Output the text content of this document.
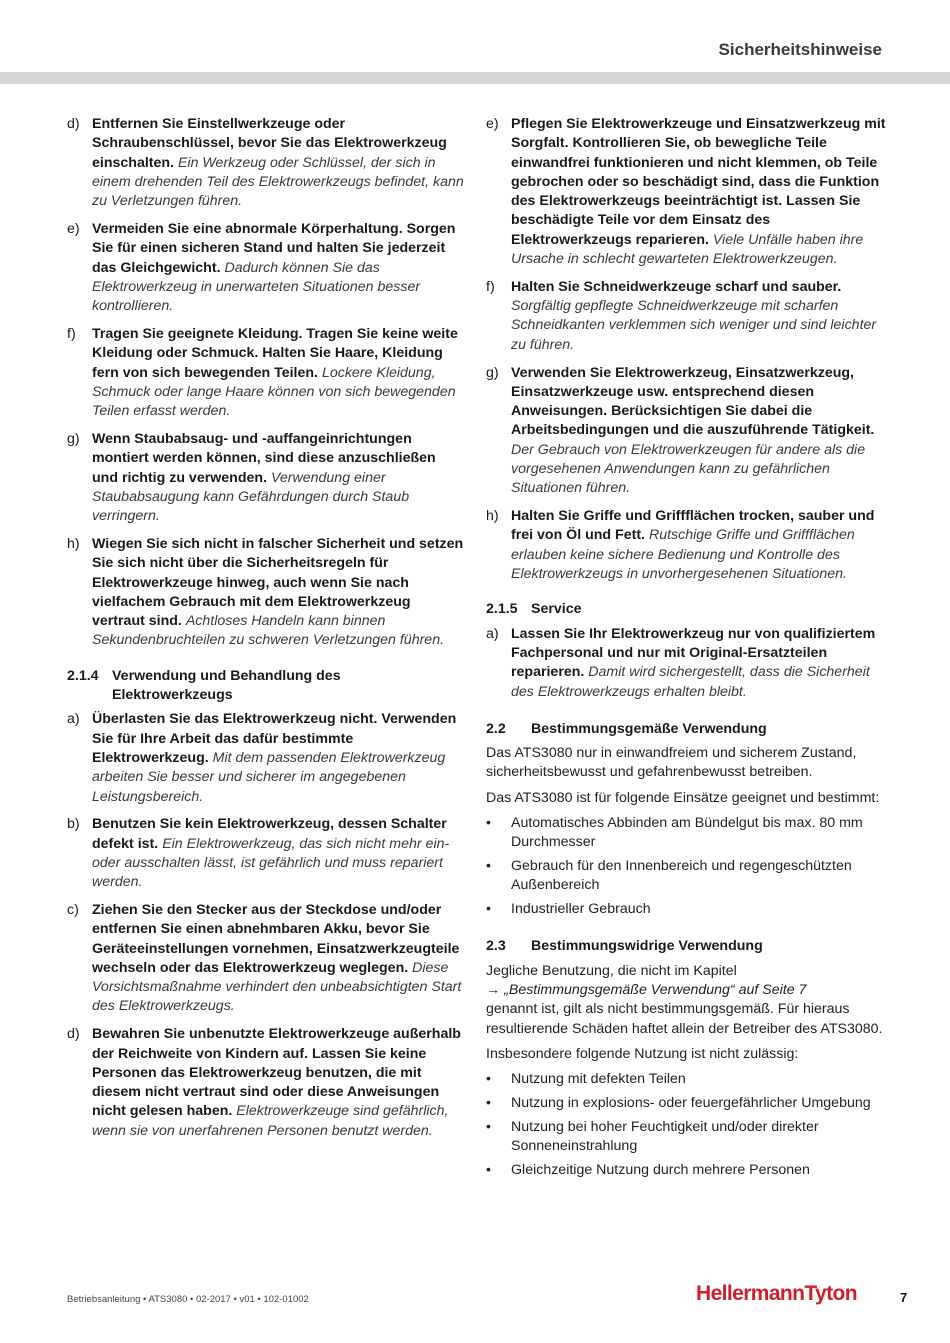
Sicherheitshinweise
d) Entfernen Sie Einstellwerkzeuge oder Schraubenschlüssel, bevor Sie das Elektrowerkzeug einschalten. Ein Werkzeug oder Schlüssel, der sich in einem drehenden Teil des Elektrowerkzeugs befindet, kann zu Verletzungen führen.
e) Vermeiden Sie eine abnormale Körperhaltung. Sorgen Sie für einen sicheren Stand und halten Sie jederzeit das Gleichgewicht. Dadurch können Sie das Elektrowerkzeug in unerwarteten Situationen besser kontrollieren.
f)	Tragen Sie geeignete Kleidung. Tragen Sie keine weite Kleidung oder Schmuck. Halten Sie Haare, Kleidung fern von sich bewegenden Teilen. Lockere Kleidung, Schmuck oder lange Haare können von sich bewegenden Teilen erfasst werden.
g) Wenn Staubabsaug- und -auffangeinrichtungen montiert werden können, sind diese anzuschließen und richtig zu verwenden. Verwendung einer Staubabsaugung kann Gefährdungen durch Staub verringern.
h) Wiegen Sie sich nicht in falscher Sicherheit und setzen Sie sich nicht über die Sicherheitsregeln für Elektrowerkzeuge hinweg, auch wenn Sie nach vielfachem Gebrauch mit dem Elektrowerkzeug vertraut sind. Achtloses Handeln kann binnen Sekundenbruchteilen zu schweren Verletzungen führen.
2.1.4 Verwendung und Behandlung des Elektrowerkzeugs
a) Überlasten Sie das Elektrowerkzeug nicht. Verwenden Sie für Ihre Arbeit das dafür bestimmte Elektrowerkzeug. Mit dem passenden Elektrowerkzeug arbeiten Sie besser und sicherer im angegebenen Leistungsbereich.
b) Benutzen Sie kein Elektrowerkzeug, dessen Schalter defekt ist. Ein Elektrowerkzeug, das sich nicht mehr ein- oder ausschalten lässt, ist gefährlich und muss repariert werden.
c) Ziehen Sie den Stecker aus der Steckdose und/oder entfernen Sie einen abnehmbaren Akku, bevor Sie Geräteeinstellungen vornehmen, Einsatzwerkzeugteile wechseln oder das Elektrowerkzeug weglegen. Diese Vorsichtsmaßnahme verhindert den unbeabsichtigten Start des Elektrowerkzeugs.
d) Bewahren Sie unbenutzte Elektrowerkzeuge außerhalb der Reichweite von Kindern auf. Lassen Sie keine Personen das Elektrowerkzeug benutzen, die mit diesem nicht vertraut sind oder diese Anweisungen nicht gelesen haben. Elektrowerkzeuge sind gefährlich, wenn sie von unerfahrenen Personen benutzt werden.
e) Pflegen Sie Elektrowerkzeuge und Einsatzwerkzeug mit Sorgfalt. Kontrollieren Sie, ob bewegliche Teile einwandfrei funktionieren und nicht klemmen, ob Teile gebrochen oder so beschädigt sind, dass die Funktion des Elektrowerkzeugs beeinträchtigt ist. Lassen Sie beschädigte Teile vor dem Einsatz des Elektrowerkzeugs reparieren. Viele Unfälle haben ihre Ursache in schlecht gewarteten Elektrowerkzeugen.
f)	Halten Sie Schneidwerkzeuge scharf und sauber. Sorgfältig gepflegte Schneidwerkzeuge mit scharfen Schneidkanten verklemmen sich weniger und sind leichter zu führen.
g) Verwenden Sie Elektrowerkzeug, Einsatzwerkzeug, Einsatzwerkzeuge usw. entsprechend diesen Anweisungen. Berücksichtigen Sie dabei die Arbeitsbedingungen und die auszuführende Tätigkeit. Der Gebrauch von Elektrowerkzeugen für andere als die vorgesehenen Anwendungen kann zu gefährlichen Situationen führen.
h) Halten Sie Griffe und Griffflächen trocken, sauber und frei von Öl und Fett. Rutschige Griffe und Griffflächen erlauben keine sichere Bedienung und Kontrolle des Elektrowerkzeugs in unvorhergesehenen Situationen.
2.1.5 Service
a) Lassen Sie Ihr Elektrowerkzeug nur von qualifiziertem Fachpersonal und nur mit Original-Ersatzteilen reparieren. Damit wird sichergestellt, dass die Sicherheit des Elektrowerkzeugs erhalten bleibt.
2.2	Bestimmungsgemäße Verwendung

Das ATS3080 nur in einwandfreiem und sicherem Zustand, sicherheitsbewusst und gefahrenbewusst betreiben.

Das ATS3080 ist für folgende Einsätze geeignet und bestimmt:

•	Automatisches Abbinden am Bündelgut bis max. 80 mm Durchmesser
•	Gebrauch für den Innenbereich und regengeschützten Außenbereich
•	Industrieller Gebrauch
2.3	Bestimmungswidrige Verwendung

Jegliche Benutzung, die nicht im Kapitel
→ „Bestimmungsgemäße Verwendung“ auf Seite 7
genannt ist, gilt als nicht bestimmungsgemäß. Für hieraus resultierende Schäden haftet allein der Betreiber des ATS3080.

Insbesondere folgende Nutzung ist nicht zulässig:

•	Nutzung mit defekten Teilen
•	Nutzung in explosions- oder feuergefährlicher Umgebung
•	Nutzung bei hoher Feuchtigkeit und/oder direkter Sonneneinstrahlung
•	Gleichzeitige Nutzung durch mehrere Personen
Betriebsanleitung • ATS3080 • 02-2017 • v01 • 102-01002	HellermannTyton	7
